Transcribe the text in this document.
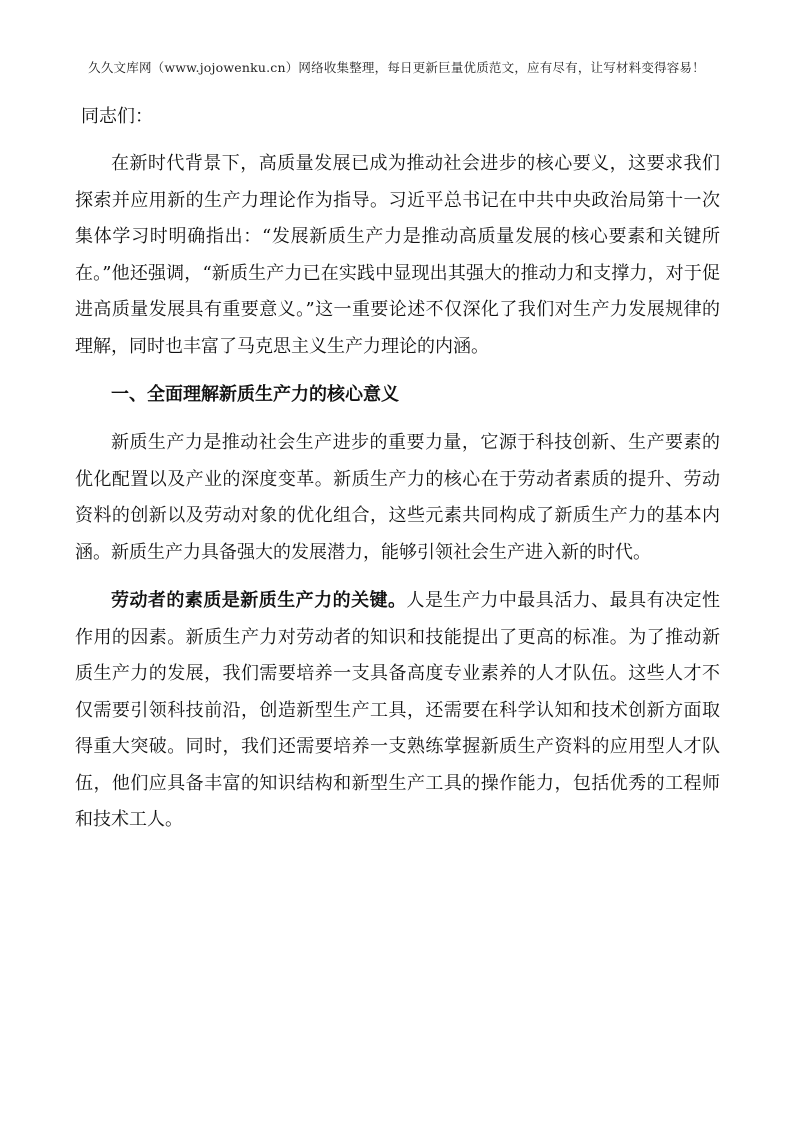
久久文库网（www.jojowenku.cn）网络收集整理，每日更新巨量优质范文，应有尽有，让写材料变得容易！

同志们：

在新时代背景下，高质量发展已成为推动社会进步的核心要义，这要求我们探索并应用新的生产力理论作为指导。习近平总书记在中共中央政治局第十一次集体学习时明确指出：“发展新质生产力是推动高质量发展的核心要素和关键所在。”他还强调，“新质生产力已在实践中显现出其强大的推动力和支撑力，对于促进高质量发展具有重要意义。”这一重要论述不仅深化了我们对生产力发展规律的理解，同时也丰富了马克思主义生产力理论的内涵。

一、全面理解新质生产力的核心意义

新质生产力是推动社会生产进步的重要力量，它源于科技创新、生产要素的优化配置以及产业的深度变革。新质生产力的核心在于劳动者素质的提升、劳动资料的创新以及劳动对象的优化组合，这些元素共同构成了新质生产力的基本内涵。新质生产力具备强大的发展潜力，能够引领社会生产进入新的时代。

劳动者的素质是新质生产力的关键。人是生产力中最具活力、最具有决定性作用的因素。新质生产力对劳动者的知识和技能提出了更高的标准。为了推动新质生产力的发展，我们需要培养一支具备高度专业素养的人才队伍。这些人才不仅需要引领科技前沿，创造新型生产工具，还需要在科学认知和技术创新方面取得重大突破。同时，我们还需要培养一支熟练掌握新质生产资料的应用型人才队伍，他们应具备丰富的知识结构和新型生产工具的操作能力，包括优秀的工程师和技术工人。
